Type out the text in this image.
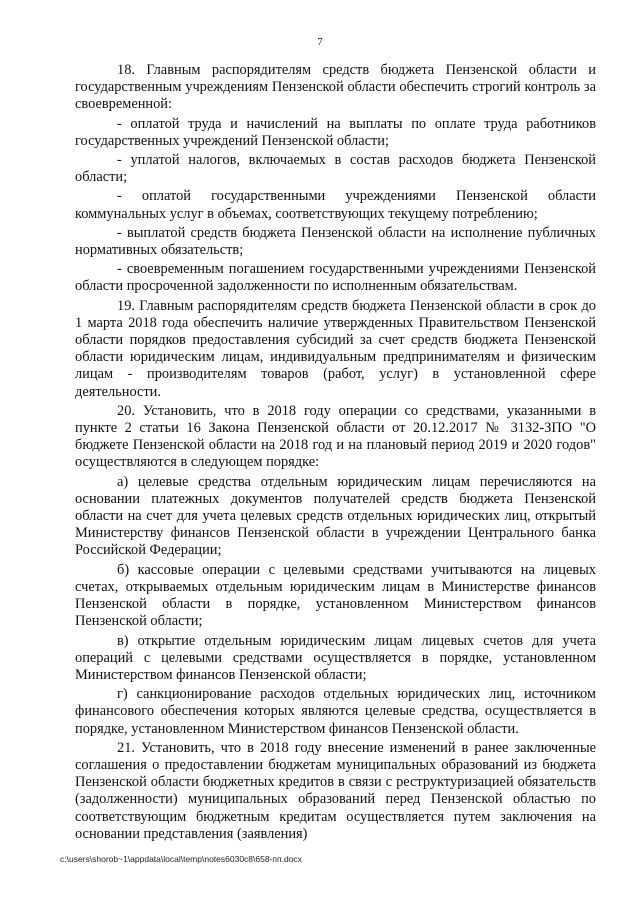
7

18. Главным распорядителям средств бюджета Пензенской области и государственным учреждениям Пензенской области обеспечить строгий контроль за своевременной:

- оплатой труда и начислений на выплаты по оплате труда работников государственных учреждений Пензенской области;

- уплатой налогов, включаемых в состав расходов бюджета Пензенской области;

- оплатой государственными учреждениями Пензенской области коммунальных услуг в объемах, соответствующих текущему потреблению;

- выплатой средств бюджета Пензенской области на исполнение публичных нормативных обязательств;

- своевременным погашением государственными учреждениями Пензенской области просроченной задолженности по исполненным обязательствам.

19. Главным распорядителям средств бюджета Пензенской области в срок до 1 марта 2018 года обеспечить наличие утвержденных Правительством Пензенской области порядков предоставления субсидий за счет средств бюджета Пензенской области юридическим лицам, индивидуальным предпринимателям и физическим лицам - производителям товаров (работ, услуг) в установленной сфере деятельности.

20. Установить, что в 2018 году операции со средствами, указанными в пункте 2 статьи 16 Закона Пензенской области от 20.12.2017 № 3132-ЗПО "О бюджете Пензенской области на 2018 год и на плановый период 2019 и 2020 годов" осуществляются в следующем порядке:

а) целевые средства отдельным юридическим лицам перечисляются на основании платежных документов получателей средств бюджета Пензенской области на счет для учета целевых средств отдельных юридических лиц, открытый Министерству финансов Пензенской области в учреждении Центрального банка Российской Федерации;

б) кассовые операции с целевыми средствами учитываются на лицевых счетах, открываемых отдельным юридическим лицам в Министерстве финансов Пензенской области в порядке, установленном Министерством финансов Пензенской области;

в) открытие отдельным юридическим лицам лицевых счетов для учета операций с целевыми средствами осуществляется в порядке, установленном Министерством финансов Пензенской области;

г) санкционирование расходов отдельных юридических лиц, источником финансового обеспечения которых являются целевые средства, осуществляется в порядке, установленном Министерством финансов Пензенской области.

21. Установить, что в 2018 году внесение изменений в ранее заключенные соглашения о предоставлении бюджетам муниципальных образований из бюджета Пензенской области бюджетных кредитов в связи с реструктуризацией обязательств (задолженности) муниципальных образований перед Пензенской областью по соответствующим бюджетным кредитам осуществляется путем заключения на основании представления (заявления)

c:\users\shorob~1\appdata\local\temp\notes6030c8\658-пп.docx
